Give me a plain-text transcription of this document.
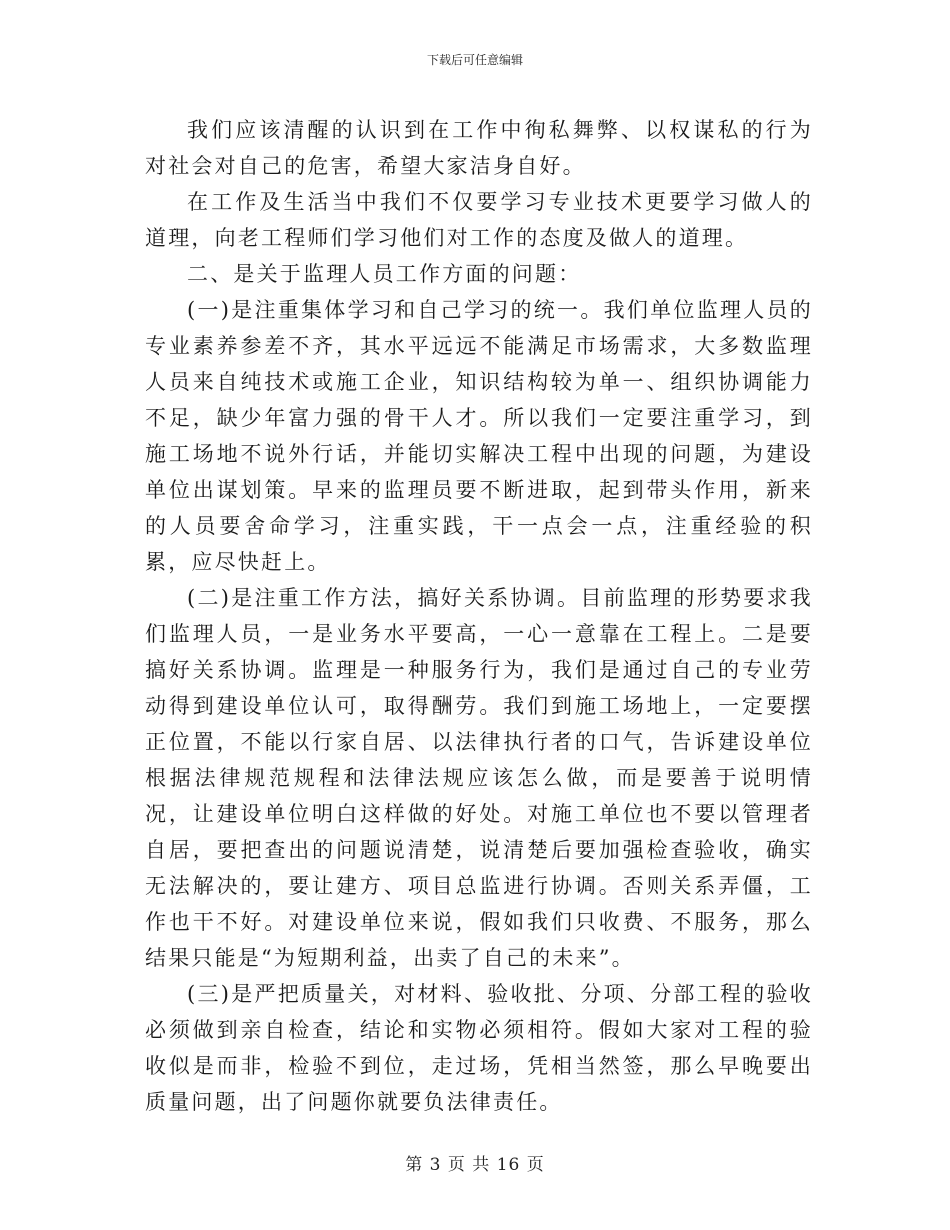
下载后可任意编辑

我们应该清醒的认识到在工作中徇私舞弊、以权谋私的行为对社会对自己的危害，希望大家洁身自好。

在工作及生活当中我们不仅要学习专业技术更要学习做人的道理，向老工程师们学习他们对工作的态度及做人的道理。

二、是关于监理人员工作方面的问题：

(一)是注重集体学习和自己学习的统一。我们单位监理人员的专业素养参差不齐，其水平远远不能满足市场需求，大多数监理人员来自纯技术或施工企业，知识结构较为单一、组织协调能力不足，缺少年富力强的骨干人才。所以我们一定要注重学习，到施工场地不说外行话，并能切实解决工程中出现的问题，为建设单位出谋划策。早来的监理员要不断进取，起到带头作用，新来的人员要舍命学习，注重实践，干一点会一点，注重经验的积累，应尽快赶上。

(二)是注重工作方法，搞好关系协调。目前监理的形势要求我们监理人员，一是业务水平要高，一心一意靠在工程上。二是要搞好关系协调。监理是一种服务行为，我们是通过自己的专业劳动得到建设单位认可，取得酬劳。我们到施工场地上，一定要摆正位置，不能以行家自居、以法律执行者的口气，告诉建设单位根据法律规范规程和法律法规应该怎么做，而是要善于说明情况，让建设单位明白这样做的好处。对施工单位也不要以管理者自居，要把查出的问题说清楚，说清楚后要加强检查验收，确实无法解决的，要让建方、项目总监进行协调。否则关系弄僵，工作也干不好。对建设单位来说，假如我们只收费、不服务，那么结果只能是“为短期利益，出卖了自己的未来”。

(三)是严把质量关，对材料、验收批、分项、分部工程的验收必须做到亲自检查，结论和实物必须相符。假如大家对工程的验收似是而非，检验不到位，走过场，凭相当然签，那么早晚要出质量问题，出了问题你就要负法律责任。

第 3 页 共 16 页
